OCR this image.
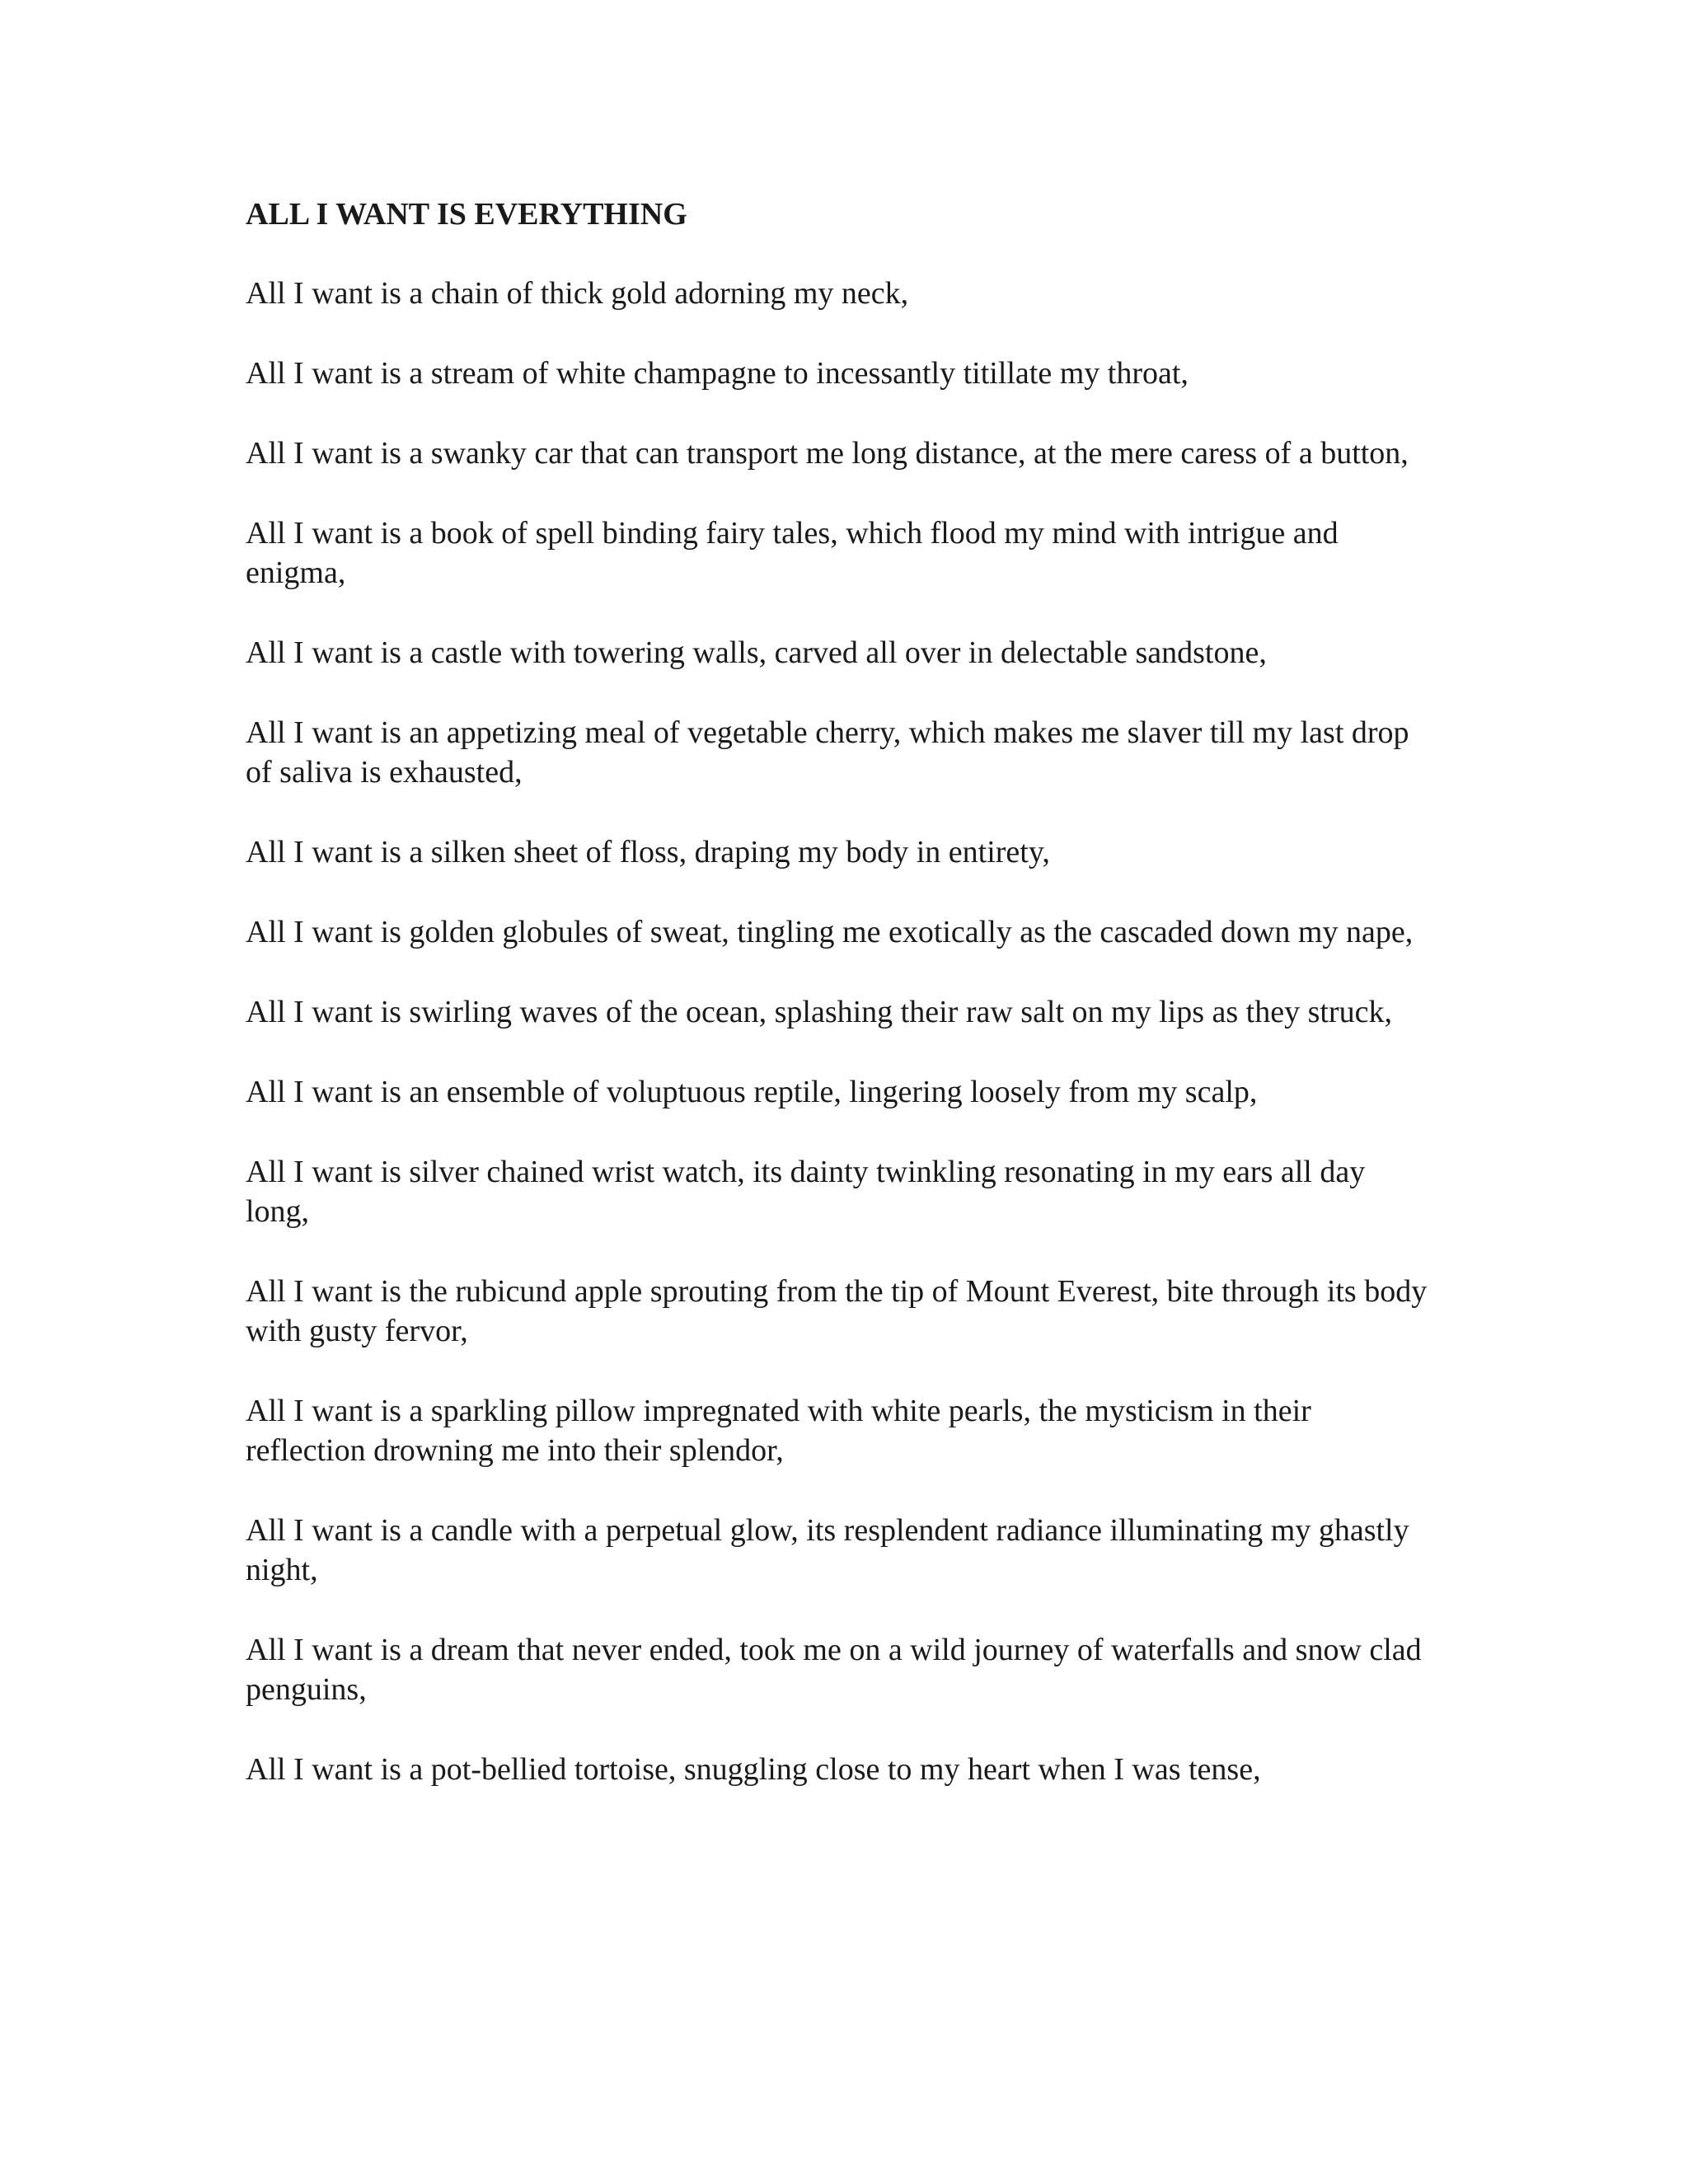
ALL I WANT IS EVERYTHING
All I want is a chain of thick gold adorning my neck,
All I want is a stream of white champagne to incessantly titillate my throat,
All I want is a swanky car that can transport me long distance, at the mere caress of a button,
All I want is a book of spell binding fairy tales, which flood my mind with intrigue and enigma,
All I want is a castle with towering walls, carved all over in delectable sandstone,
All I want is an appetizing meal of vegetable cherry, which makes me slaver till my last drop of saliva is exhausted,
All I want is a silken sheet of floss, draping my body in entirety,
All I want is golden globules of sweat, tingling me exotically as the cascaded down my nape,
All I want is swirling waves of the ocean, splashing their raw salt on my lips as they struck,
All I want is an ensemble of voluptuous reptile, lingering loosely from my scalp,
All I want is silver chained wrist watch, its dainty twinkling resonating in my ears all day long,
All I want is the rubicund apple sprouting from the tip of Mount Everest, bite through its body with gusty fervor,
All I want is a sparkling pillow impregnated with white pearls, the mysticism in their reflection drowning me into their splendor,
All I want is a candle with a perpetual glow, its resplendent radiance illuminating my ghastly night,
All I want is a dream that never ended, took me on a wild journey of waterfalls and snow clad penguins,
All I want is a pot-bellied tortoise, snuggling close to my heart when I was tense,
